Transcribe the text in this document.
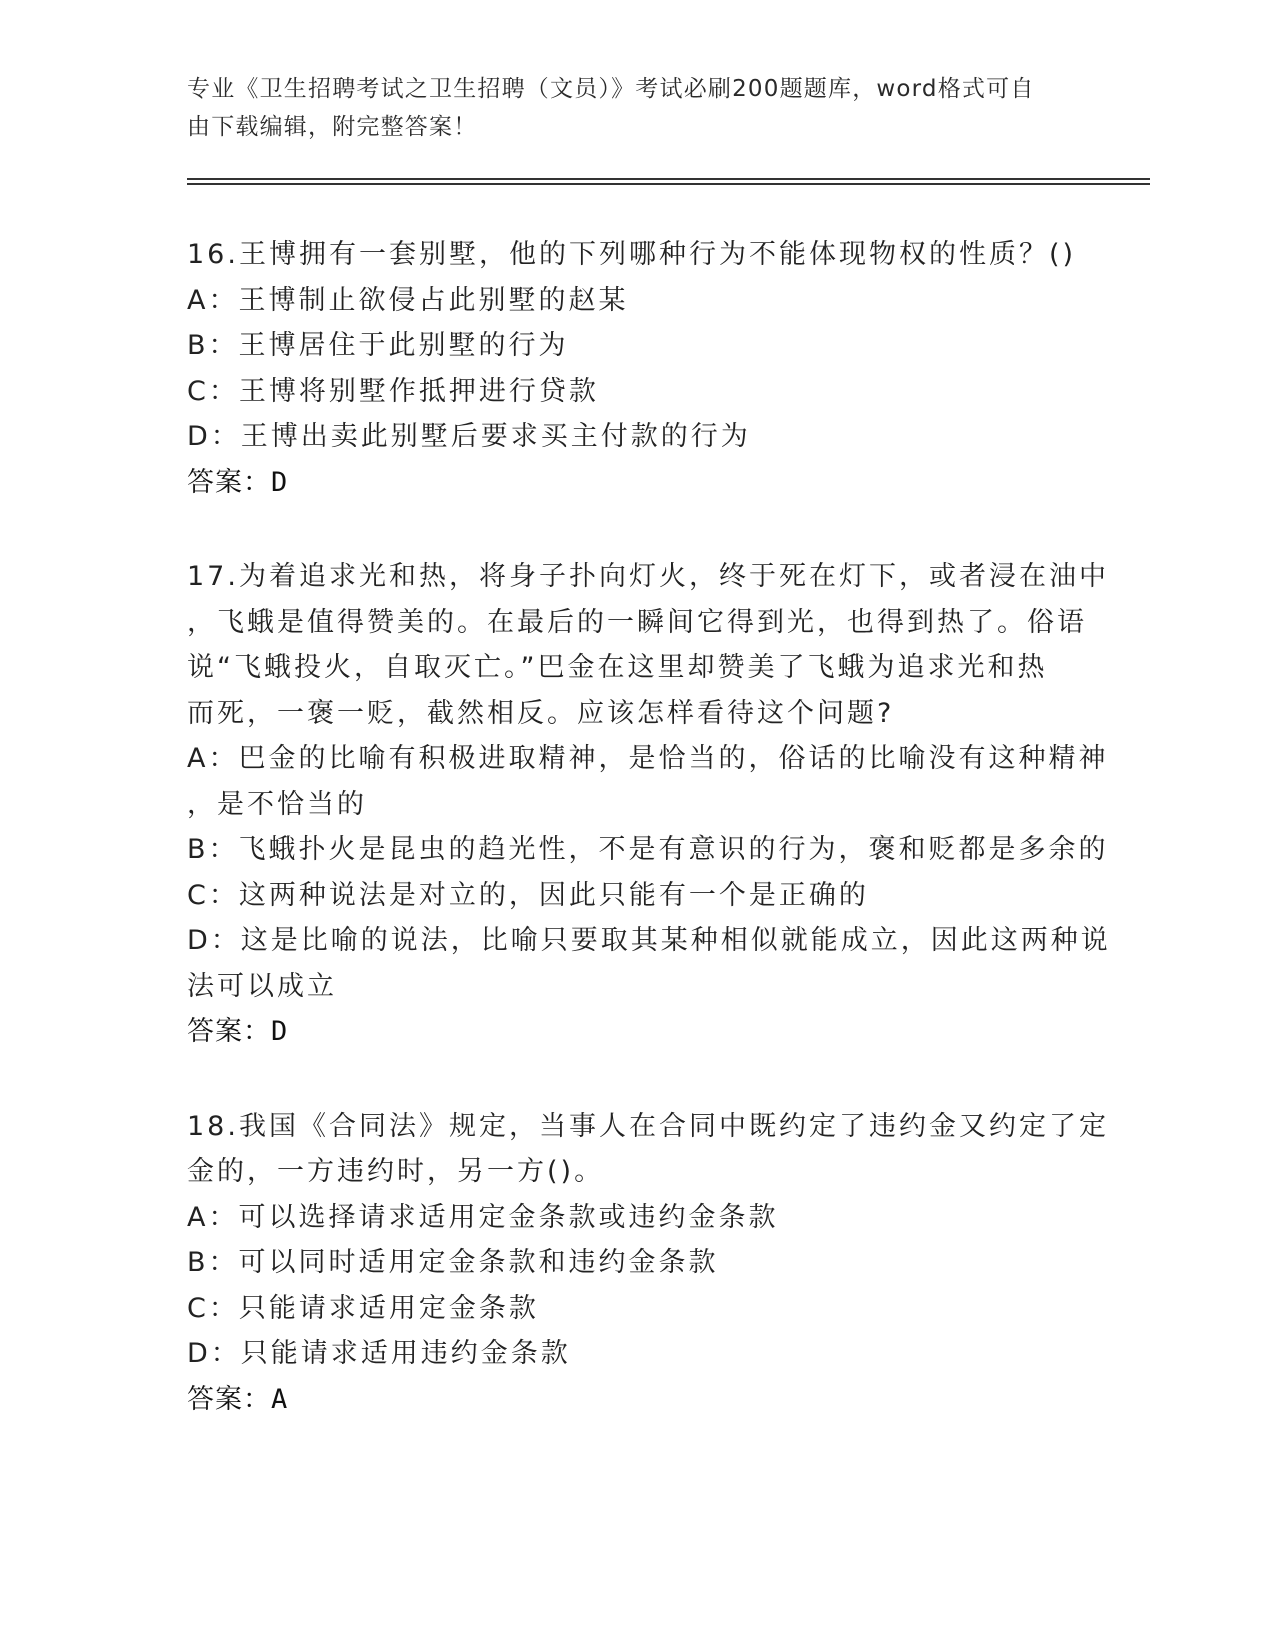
专业《卫生招聘考试之卫生招聘（文员）》考试必刷200题题库，word格式可自
由下载编辑，附完整答案！
16.王博拥有一套别墅，他的下列哪种行为不能体现物权的性质？()
A：王博制止欲侵占此别墅的赵某
B：王博居住于此别墅的行为
C：王博将别墅作抵押进行贷款
D：王博出卖此别墅后要求买主付款的行为
答案：D
17.为着追求光和热，将身子扑向灯火，终于死在灯下，或者浸在油中
，飞蛾是值得赞美的。在最后的一瞬间它得到光，也得到热了。俗语
说“飞蛾投火，自取灭亡。”巴金在这里却赞美了飞蛾为追求光和热
而死，一褒一贬，截然相反。应该怎样看待这个问题?
A：巴金的比喻有积极进取精神，是恰当的，俗话的比喻没有这种精神
，是不恰当的
B：飞蛾扑火是昆虫的趋光性，不是有意识的行为，褒和贬都是多余的
C：这两种说法是对立的，因此只能有一个是正确的
D：这是比喻的说法，比喻只要取其某种相似就能成立，因此这两种说
法可以成立
答案：D
18.我国《合同法》规定，当事人在合同中既约定了违约金又约定了定
金的，一方违约时，另一方()。
A：可以选择请求适用定金条款或违约金条款
B：可以同时适用定金条款和违约金条款
C：只能请求适用定金条款
D：只能请求适用违约金条款
答案：A
